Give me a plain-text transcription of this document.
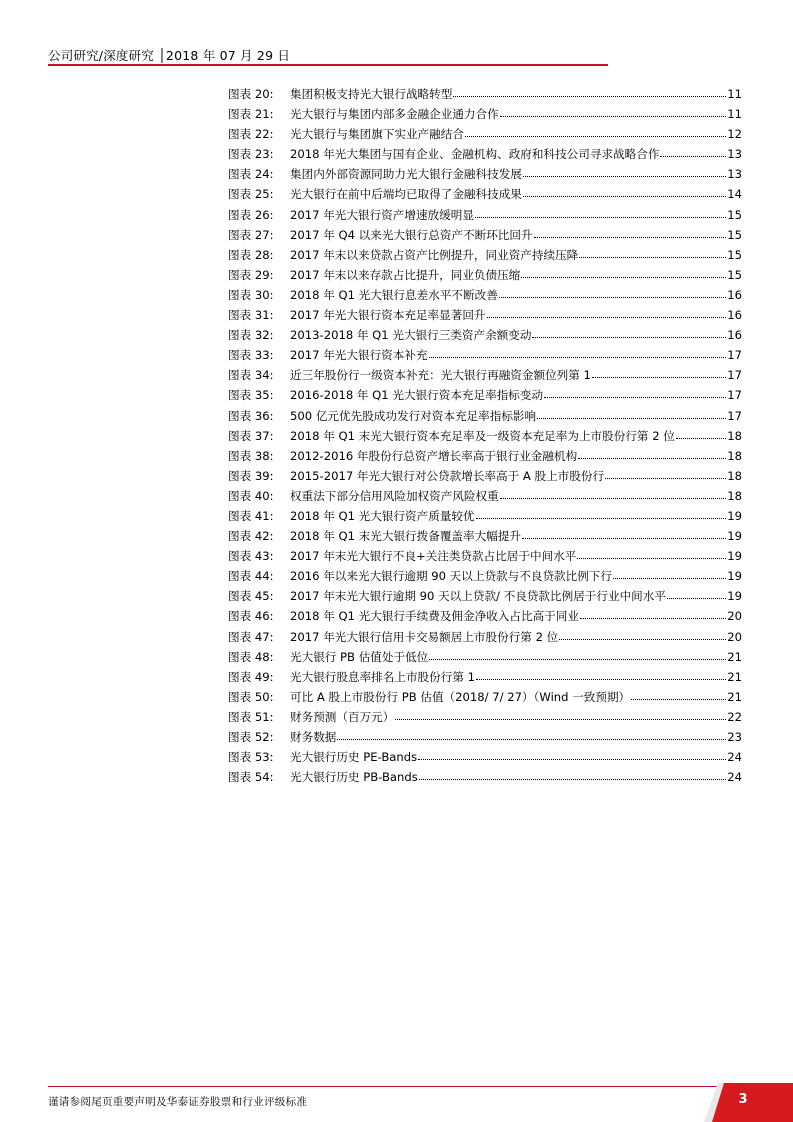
公司研究/深度研究 │2018 年 07 月 29 日
图表 20:	集团积极支持光大银行战略转型	11
图表 21:	光大银行与集团内部多金融企业通力合作	11
图表 22:	光大银行与集团旗下实业产融结合	12
图表 23:	2018 年光大集团与国有企业、金融机构、政府和科技公司寻求战略合作	13
图表 24:	集团内外部资源同助力光大银行金融科技发展	13
图表 25:	光大银行在前中后端均已取得了金融科技成果	14
图表 26:	2017 年光大银行资产增速放缓明显	15
图表 27:	2017 年 Q4 以来光大银行总资产不断环比回升	15
图表 28:	2017 年末以来贷款占资产比例提升，同业资产持续压降	15
图表 29:	2017 年末以来存款占比提升，同业负债压缩	15
图表 30:	2018 年 Q1 光大银行息差水平不断改善	16
图表 31:	2017 年光大银行资本充足率显著回升	16
图表 32:	2013-2018 年 Q1 光大银行三类资产余额变动	16
图表 33:	2017 年光大银行资本补充	17
图表 34:	近三年股份行一级资本补充：光大银行再融资金额位列第 1	17
图表 35:	2016-2018 年 Q1 光大银行资本充足率指标变动	17
图表 36:	500 亿元优先股成功发行对资本充足率指标影响	17
图表 37:	2018 年 Q1 末光大银行资本充足率及一级资本充足率为上市股份行第 2 位	18
图表 38:	2012-2016 年股份行总资产增长率高于银行业金融机构	18
图表 39:	2015-2017 年光大银行对公贷款增长率高于 A 股上市股份行	18
图表 40:	权重法下部分信用风险加权资产风险权重	18
图表 41:	2018 年 Q1 光大银行资产质量较优	19
图表 42:	2018 年 Q1 末光大银行拨备覆盖率大幅提升	19
图表 43:	2017 年末光大银行不良+关注类贷款占比居于中间水平	19
图表 44:	2016 年以来光大银行逾期 90 天以上贷款与不良贷款比例下行	19
图表 45:	2017 年末光大银行逾期 90 天以上贷款/ 不良贷款比例居于行业中间水平	19
图表 46:	2018 年 Q1 光大银行手续费及佣金净收入占比高于同业	20
图表 47:	2017 年光大银行信用卡交易额居上市股份行第 2 位	20
图表 48:	光大银行 PB 估值处于低位	21
图表 49:	光大银行股息率排名上市股份行第 1	21
图表 50:	可比 A 股上市股份行 PB 估值（2018/ 7/ 27）（Wind 一致预期）	21
图表 51:	财务预测（百万元）	22
图表 52:	财务数据	23
图表 53:	光大银行历史 PE-Bands	24
图表 54:	光大银行历史 PB-Bands	24
谨请参阅尾页重要声明及华泰证券股票和行业评级标准	3
